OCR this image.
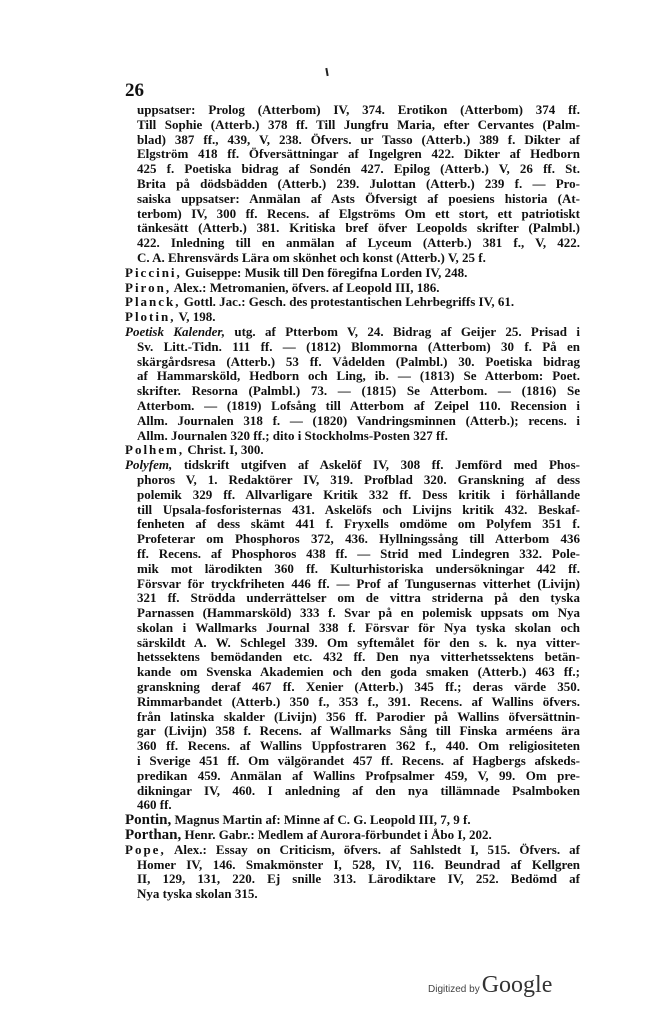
26
uppsatser: Prolog (Atterbom) IV, 374. Erotikon (Atterbom) 374 ff.
Till Sophie (Atterb.) 378 ff. Till Jungfru Maria, efter Cervantes (Palm-
blad) 387 ff., 439, V, 238. Öfvers. ur Tasso (Atterb.) 389 f. Dikter af
Elgström 418 ff. Öfversättningar af Ingelgren 422. Dikter af Hedborn
425 f. Poetiska bidrag af Sondén 427. Epilog (Atterb.) V, 26 ff. St.
Brita på dödsbädden (Atterb.) 239. Julottan (Atterb.) 239 f. — Pro-
saiska uppsatser: Anmälan af Asts Öfversigt af poesiens historia (At-
terbom) IV, 300 ff. Recens. af Elgströms Om ett stort, ett patriotiskt
tänkesätt (Atterb.) 381. Kritiska bref öfver Leopolds skrifter (Palmbl.)
422. Inledning till en anmälan af Lyceum (Atterb.) 381 f., V, 422.
C. A. Ehrensvärds Lära om skönhet och konst (Atterb.) V, 25 f.
Piccini, Guiseppe: Musik till Den föregifna Lorden IV, 248.
Piron, Alex.: Metromanien, öfvers. af Leopold III, 186.
Planck, Gottl. Jac.: Gesch. des protestantischen Lehrbegriffs IV, 61.
Plotin, V, 198.
Poetisk Kalender, utg. af Ptterbom V, 24. Bidrag af Geijer 25. Prisad i
Sv. Litt.-Tidn. 111 ff. — (1812) Blommorna (Atterbom) 30 f. På en
skärgårdsresa (Atterb.) 53 ff. Vådelden (Palmbl.) 30. Poetiska bidrag
af Hammarsköld, Hedborn och Ling, ib. — (1813) Se Atterbom: Poet.
skrifter. Resorna (Palmbl.) 73. — (1815) Se Atterbom. — (1816) Se
Atterbom. — (1819) Lofsång till Atterbom af Zeipel 110. Recension i
Allm. Journalen 318 f. — (1820) Vandringsminnen (Atterb.); recens. i
Allm. Journalen 320 ff.; dito i Stockholms-Posten 327 ff.
Polhem, Christ. I, 300.
Polyfem, tidskrift utgifven af Askelöf IV, 308 ff. Jemförd med Phos-
phoros V, 1. Redaktörer IV, 319. Profblad 320. Granskning af dess
polemik 329 ff. Allvarligare Kritik 332 ff. Dess kritik i förhållande
till Upsala-fosforisternas 431. Askelöfs och Livijns kritik 432. Beskaf-
fenheten af dess skämt 441 f. Fryxells omdöme om Polyfem 351 f.
Profeterar om Phosphoros 372, 436. Hyllningssång till Atterbom 436
ff. Recens. af Phosphoros 438 ff. — Strid med Lindegren 332. Pole-
mik mot lärodikten 360 ff. Kulturhistoriska undersökningar 442 ff.
Försvar för tryckfriheten 446 ff. — Prof af Tungusernas vitterhet (Livijn)
321 ff. Strödda underrättelser om de vittra striderna på den tyska
Parnassen (Hammarsköld) 333 f. Svar på en polemisk uppsats om Nya
skolan i Wallmarks Journal 338 f. Försvar för Nya tyska skolan och
särskildt A. W. Schlegel 339. Om syftemålet för den s. k. nya vitter-
hetssektens bemödanden etc. 432 ff. Den nya vitterhetssektens betän-
kande om Svenska Akademien och den goda smaken (Atterb.) 463 ff.;
granskning deraf 467 ff. Xenier (Atterb.) 345 ff.; deras värde 350.
Rimmarbandet (Atterb.) 350 f., 353 f., 391. Recens. af Wallins öfvers.
från latinska skalder (Livijn) 356 ff. Parodier på Wallins öfversättnin-
gar (Livijn) 358 f. Recens. af Wallmarks Sång till Finska arméens ära
360 ff. Recens. af Wallins Uppfostraren 362 f., 440. Om religiositeten
i Sverige 451 ff. Om välgörandet 457 ff. Recens. af Hagbergs afskeds-
predikan 459. Anmälan af Wallins Profpsalmer 459, V, 99. Om pre-
dikningar IV, 460. I anledning af den nya tillämnade Psalmboken
460 ff.
Pontin, Magnus Martin af: Minne af C. G. Leopold III, 7, 9 f.
Porthan, Henr. Gabr.: Medlem af Aurora-förbundet i Åbo I, 202.
Pope, Alex.: Essay on Criticism, öfvers. af Sahlstedt I, 515. Öfvers. af
Homer IV, 146. Smakmönster I, 528, IV, 116. Beundrad af Kellgren
II, 129, 131, 220. Ej snille 313. Lärodiktare IV, 252. Bedömd af
Nya tyska skolan 315.
Digitized by Google
